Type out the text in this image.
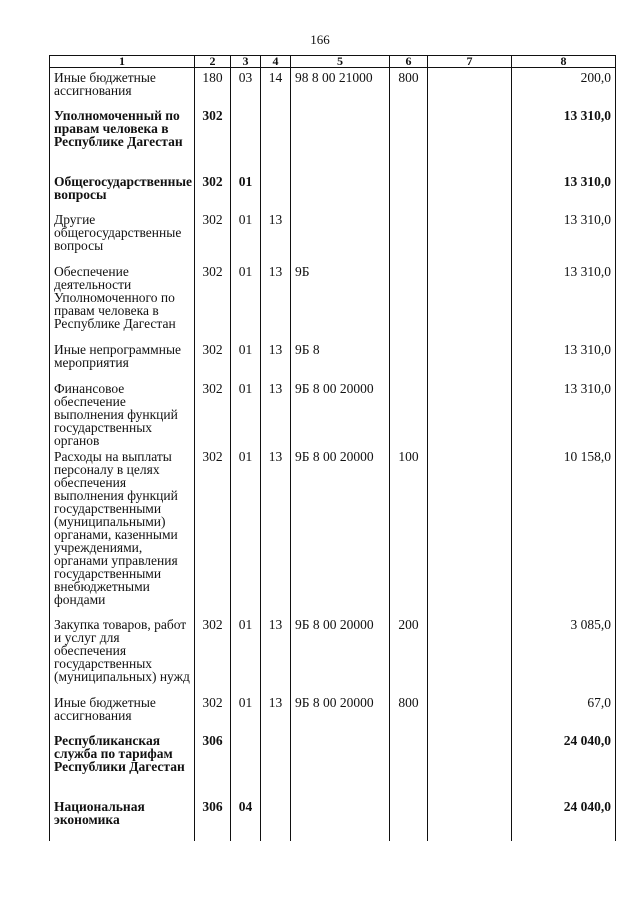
166
1	2	3	4	5	6	7	8
Иные бюджетные ассигнования	180	03	14	98 8 00 21000	800		200,0
Уполномоченный по правам человека в Республике Дагестан	302						13 310,0
Общегосударственные вопросы	302	01					13 310,0
Другие общегосударственные вопросы	302	01	13				13 310,0
Обеспечение деятельности Уполномоченного по правам человека в Республике Дагестан	302	01	13	9Б			13 310,0
Иные непрограммные мероприятия	302	01	13	9Б 8			13 310,0
Финансовое обеспечение выполнения функций государственных органов	302	01	13	9Б 8 00 20000			13 310,0
Расходы на выплаты персоналу в целях обеспечения выполнения функций государственными (муниципальными) органами, казенными учреждениями, органами управления государственными внебюджетными фондами	302	01	13	9Б 8 00 20000	100		10 158,0
Закупка товаров, работ и услуг для обеспечения государственных (муниципальных) нужд	302	01	13	9Б 8 00 20000	200		3 085,0
Иные бюджетные ассигнования	302	01	13	9Б 8 00 20000	800		67,0
Республиканская служба по тарифам Республики Дагестан	306						24 040,0
Национальная экономика	306	04					24 040,0
